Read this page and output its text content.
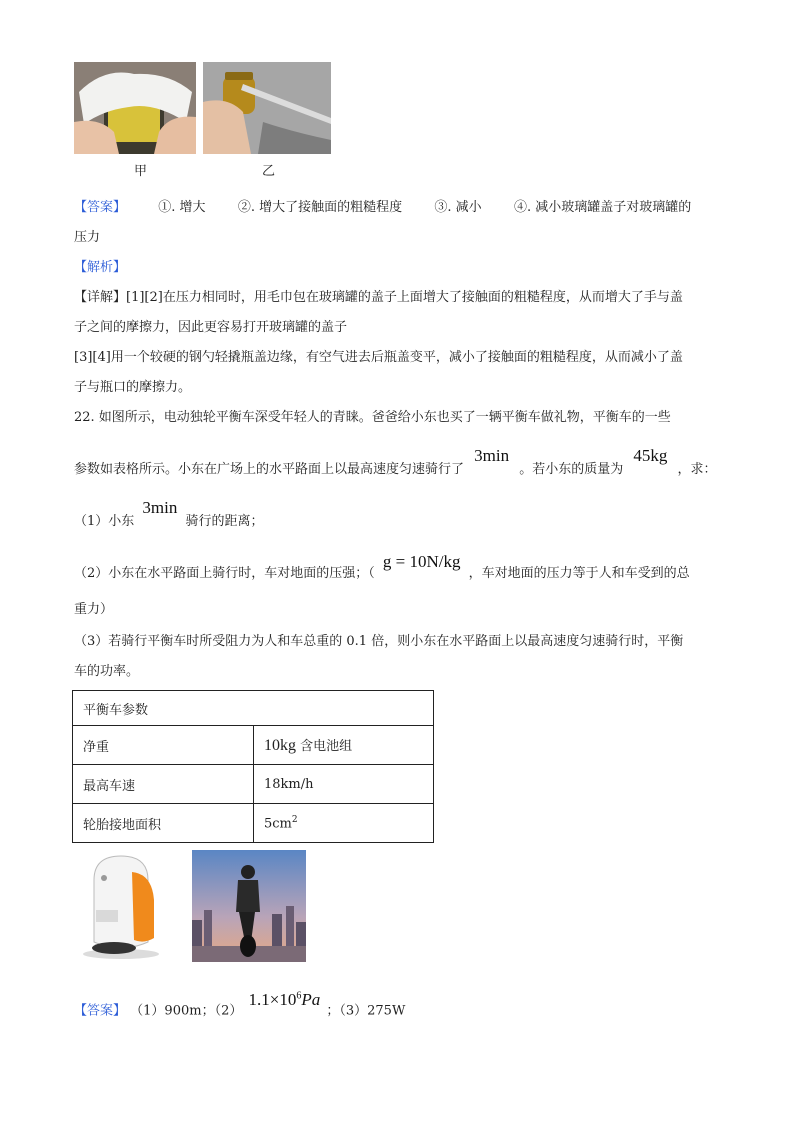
甲	乙
【答案】 ①. 增大 ②. 增大了接触面的粗糙程度 ③. 减小 ④. 减小玻璃罐盖子对玻璃罐的
压力
【解析】
【详解】[1][2]在压力相同时，用毛巾包在玻璃罐的盖子上面增大了接触面的粗糙程度，从而增大了手与盖
子之间的摩擦力，因此更容易打开玻璃罐的盖子
[3][4]用一个较硬的钢勺轻撬瓶盖边缘，有空气进去后瓶盖变平，减小了接触面的粗糙程度，从而减小了盖
子与瓶口的摩擦力。
22. 如图所示，电动独轮平衡车深受年轻人的青睐。爸爸给小东也买了一辆平衡车做礼物，平衡车的一些
参数如表格所示。小东在广场上的水平路面上以最高速度匀速骑行了 3min 。若小东的质量为 45kg ，求：
（1）小东 3min 骑行的距离；
（2）小东在水平路面上骑行时，车对地面的压强；（ g = 10N/kg ，车对地面的压力等于人和车受到的总
重力）
（3）若骑行平衡车时所受阻力为人和车总重的 0.1 倍，则小东在水平路面上以最高速度匀速骑行时，平衡
车的功率。
平衡车参数	
净重	10kg 含电池组
最高车速	18km/h
轮胎接地面积	$5cm^2$
【答案】 （1）900m；（2） $1.1\times 10^6Pa$ ；（3）275W
